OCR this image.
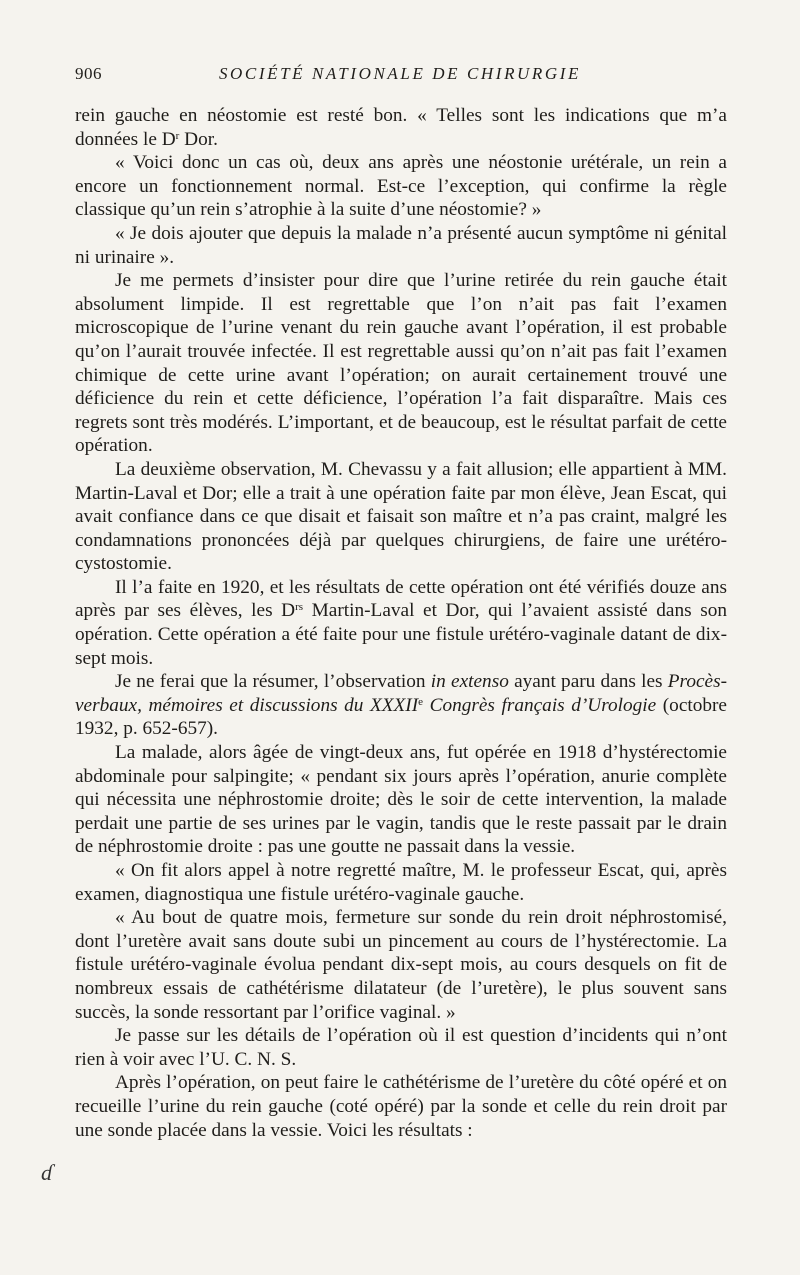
906	SOCIÉTÉ NATIONALE DE CHIRURGIE

rein gauche en néostomie est resté bon. « Telles sont les indications que m’a données le $D^r$ Dor.

« Voici donc un cas où, deux ans après une néostonie urétérale, un rein a encore un fonctionnement normal. Est-ce l’exception, qui confirme la règle classique qu’un rein s’atrophie à la suite d’une néostomie? »

« Je dois ajouter que depuis la malade n’a présenté aucun symptôme ni génital ni urinaire ».

Je me permets d’insister pour dire que l’urine retirée du rein gauche était absolument limpide. Il est regrettable que l’on n’ait pas fait l’examen microscopique de l’urine venant du rein gauche avant l’opération, il est probable qu’on l’aurait trouvée infectée. Il est regrettable aussi qu’on n’ait pas fait l’examen chimique de cette urine avant l’opération; on aurait certainement trouvé une déficience du rein et cette déficience, l’opération l’a fait disparaître. Mais ces regrets sont très modérés. L’important, et de beaucoup, est le résultat parfait de cette opération.

La deuxième observation, M. Chevassu y a fait allusion; elle appartient à MM. Martin-Laval et Dor; elle a trait à une opération faite par mon élève, Jean Escat, qui avait confiance dans ce que disait et faisait son maître et n’a pas craint, malgré les condamnations prononcées déjà par quelques chirurgiens, de faire une urétéro-cystostomie.

Il l’a faite en 1920, et les résultats de cette opération ont été vérifiés douze ans après par ses élèves, les $D^{rs}$ Martin-Laval et Dor, qui l’avaient assisté dans son opération. Cette opération a été faite pour une fistule urétéro-vaginale datant de dix-sept mois.

Je ne ferai que la résumer, l’observation in extenso ayant paru dans les Procès-verbaux, mémoires et discussions du XXXIIe Congrès français d’Urologie (octobre 1932, p. 652-657).

La malade, alors âgée de vingt-deux ans, fut opérée en 1918 d’hystérectomie abdominale pour salpingite; « pendant six jours après l’opération, anurie complète qui nécessita une néphrostomie droite; dès le soir de cette intervention, la malade perdait une partie de ses urines par le vagin, tandis que le reste passait par le drain de néphrostomie droite : pas une goutte ne passait dans la vessie.

« On fit alors appel à notre regretté maître, M. le professeur Escat, qui, après examen, diagnostiqua une fistule urétéro-vaginale gauche.

« Au bout de quatre mois, fermeture sur sonde du rein droit néphrostomisé, dont l’uretère avait sans doute subi un pincement au cours de l’hystérectomie. La fistule urétéro-vaginale évolua pendant dix-sept mois, au cours desquels on fit de nombreux essais de cathétérisme dilatateur (de l’uretère), le plus souvent sans succès, la sonde ressortant par l’orifice vaginal. »

Je passe sur les détails de l’opération où il est question d’incidents qui n’ont rien à voir avec l’U. C. N. S.

Après l’opération, on peut faire le cathétérisme de l’uretère du côté opéré et on recueille l’urine du rein gauche (coté opéré) par la sonde et celle du rein droit par une sonde placée dans la vessie. Voici les résultats :

ɗ
